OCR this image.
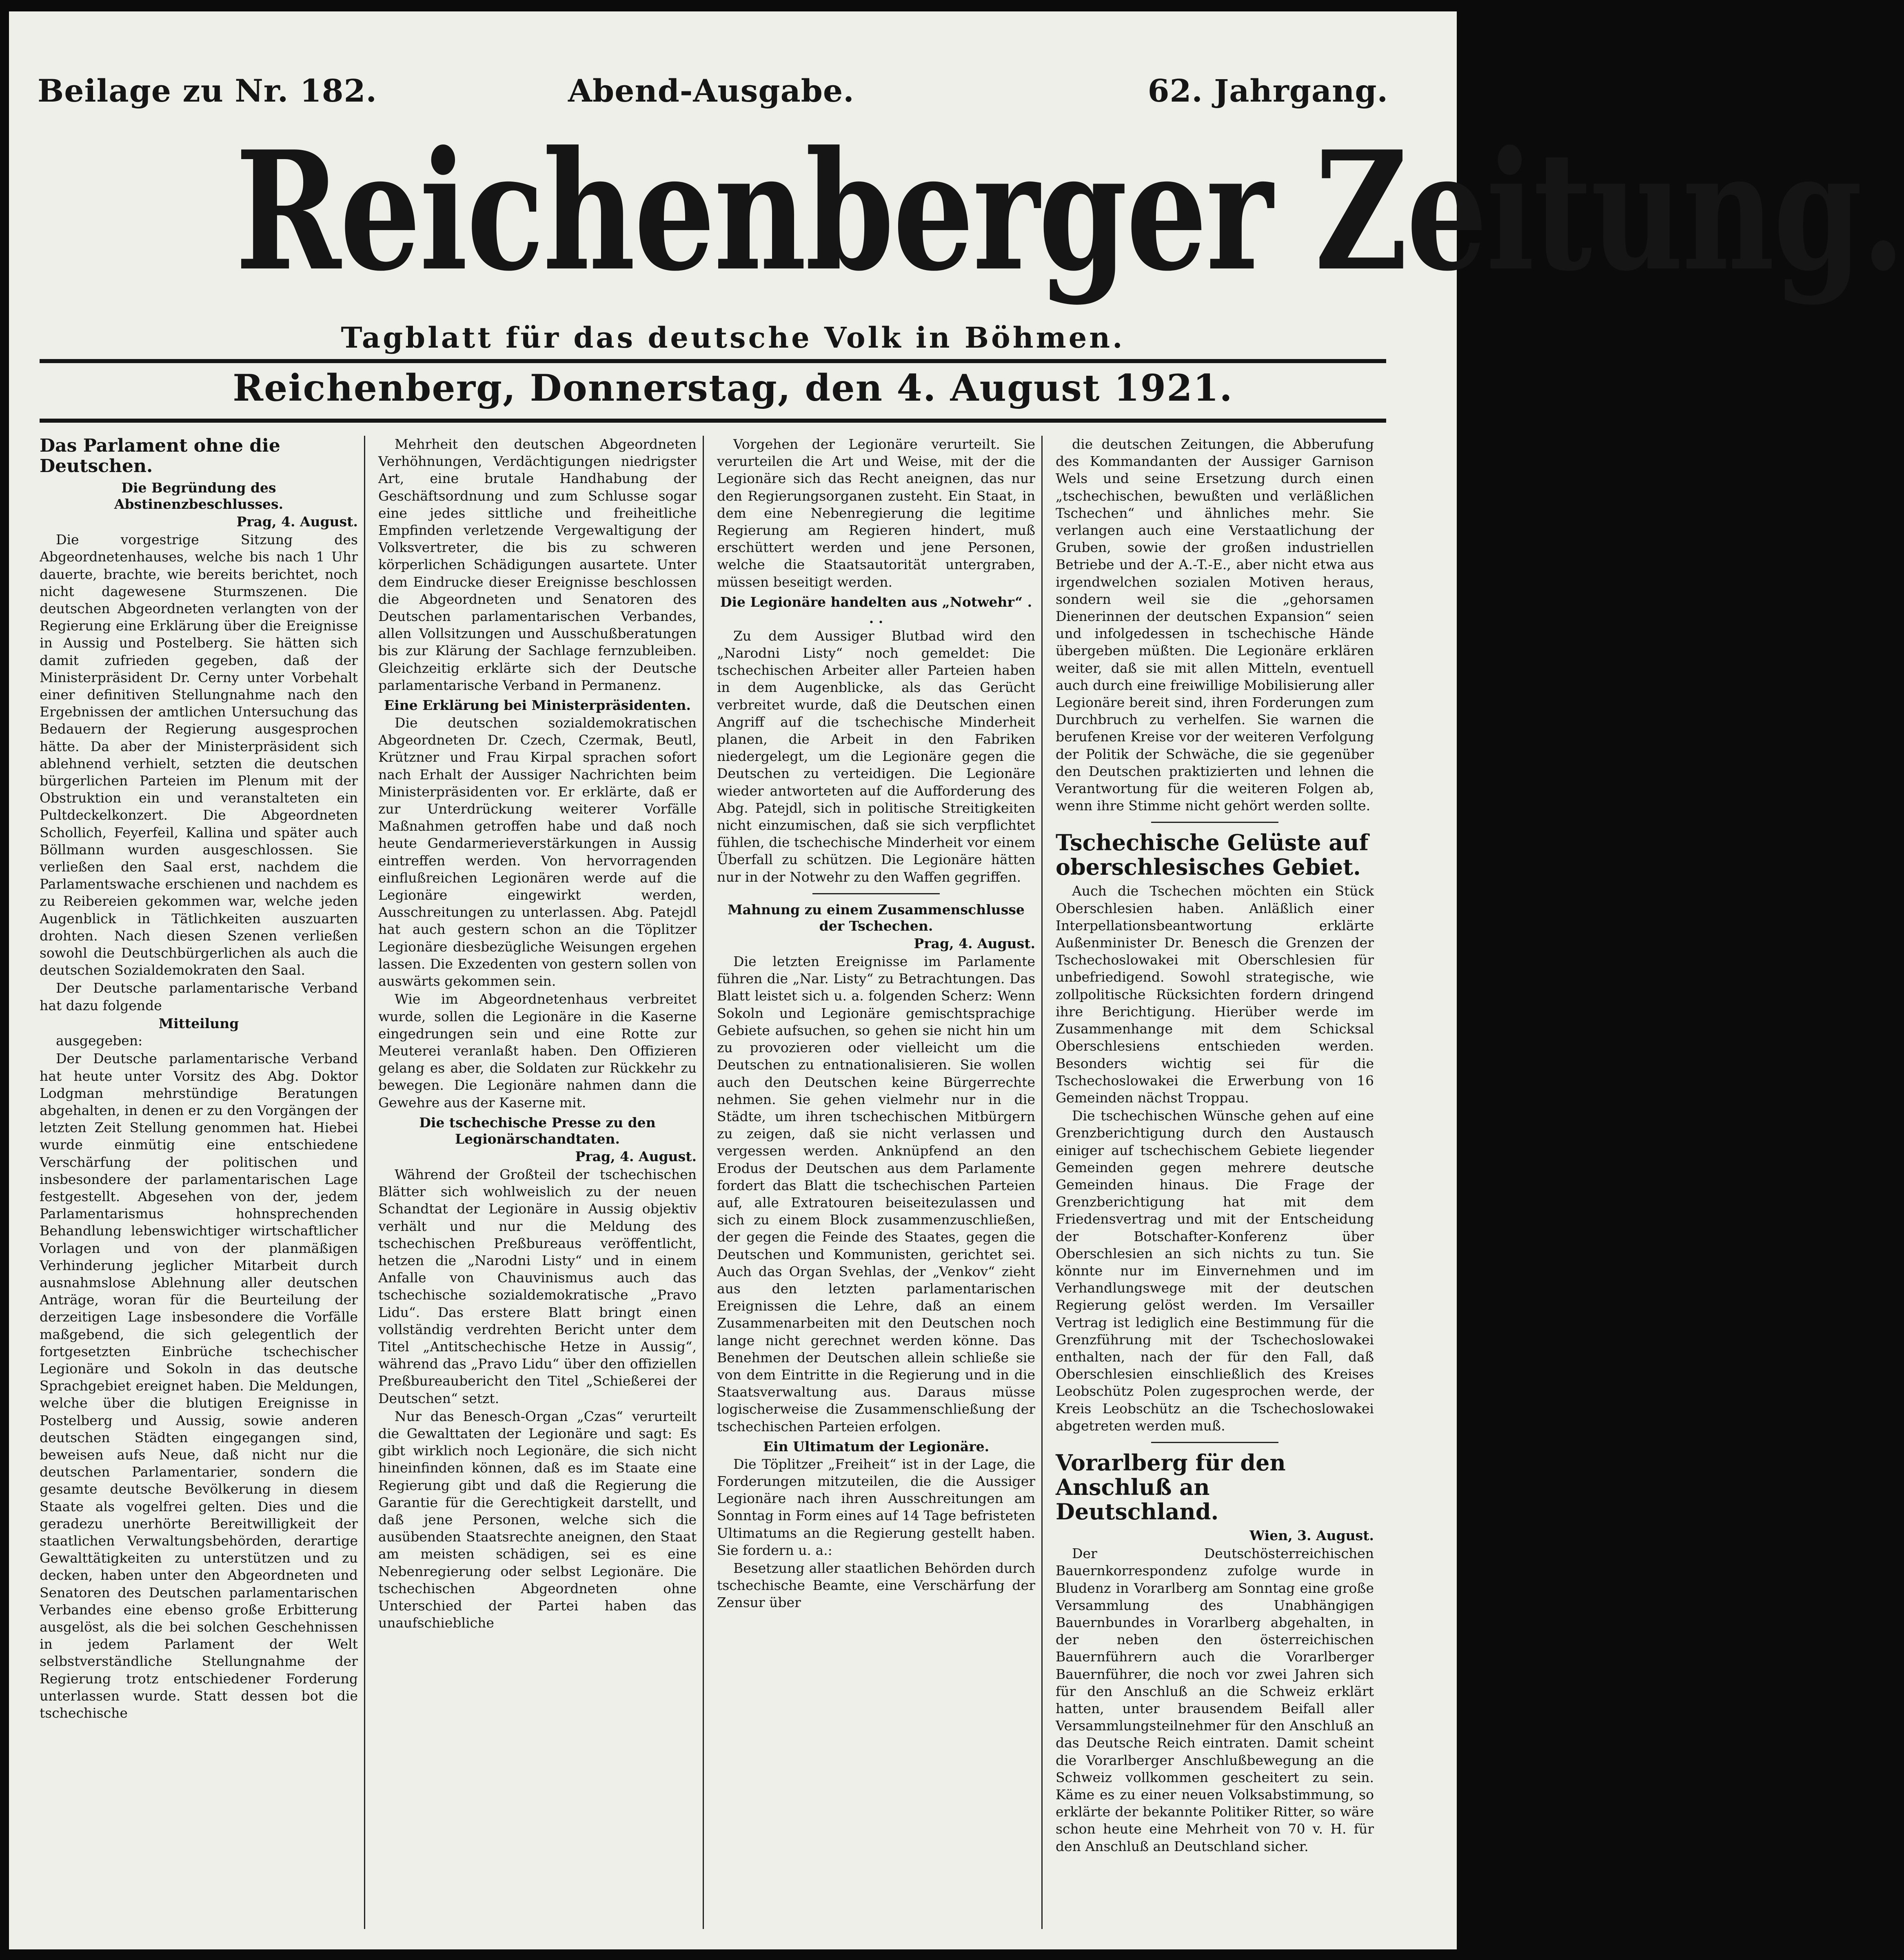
Beilage zu Nr. 182.	Abend-Ausgabe.	62. Jahrgang.
Reichenberger Zeitung.
Tagblatt für das deutsche Volk in Böhmen.
Reichenberg, Donnerstag, den 4. August 1921.
Das Parlament ohne die Deutschen.
Die Begründung des Abstinenzbeschlusses.

Prag, 4. August.

Die vorgestrige Sitzung des Abgeordnetenhauses, welche bis nach 1 Uhr dauerte, brachte, wie bereits berichtet, noch nicht dagewesene Sturmszenen. Die deutschen Abgeordneten verlangten von der Regierung eine Erklärung über die Ereignisse in Aussig und Postelberg. Sie hätten sich damit zufrieden gegeben, daß der Ministerpräsident Dr. Cerny unter Vorbehalt einer definitiven Stellungnahme nach den Ergebnissen der amtlichen Untersuchung das Bedauern der Regierung ausgesprochen hätte. Da aber der Ministerpräsident sich ablehnend verhielt, setzten die deutschen bürgerlichen Parteien im Plenum mit der Obstruktion ein und veranstalteten ein Pultdeckelkonzert. Die Abgeordneten Schollich, Feyerfeil, Kallina und später auch Böllmann wurden ausgeschlossen. Sie verließen den Saal erst, nachdem die Parlamentswache erschienen und nachdem es zu Reibereien gekommen war, welche jeden Augenblick in Tätlichkeiten auszuarten drohten. Nach diesen Szenen verließen sowohl die Deutschbürgerlichen als auch die deutschen Sozialdemokraten den Saal.

Der Deutsche parlamentarische Verband hat dazu folgende

Mitteilung

ausgegeben:

Der Deutsche parlamentarische Verband hat heute unter Vorsitz des Abg. Doktor Lodgman mehrstündige Beratungen abgehalten, in denen er zu den Vorgängen der letzten Zeit Stellung genommen hat. Hiebei wurde einmütig eine entschiedene Verschärfung der politischen und insbesondere der parlamentarischen Lage festgestellt. Abgesehen von der, jedem Parlamentarismus hohnsprechenden Behandlung lebenswichtiger wirtschaftlicher Vorlagen und von der planmäßigen Verhinderung jeglicher Mitarbeit durch ausnahmslose Ablehnung aller deutschen Anträge, woran für die Beurteilung der derzeitigen Lage insbesondere die Vorfälle maßgebend, die sich gelegentlich der fortgesetzten Einbrüche tschechischer Legionäre und Sokoln in das deutsche Sprachgebiet ereignet haben. Die Meldungen, welche über die blutigen Ereignisse in Postelberg und Aussig, sowie anderen deutschen Städten eingegangen sind, beweisen aufs Neue, daß nicht nur die deutschen Parlamentarier, sondern die gesamte deutsche Bevölkerung in diesem Staate als vogelfrei gelten. Dies und die geradezu unerhörte Bereitwilligkeit der staatlichen Verwaltungsbehörden, derartige Gewalttätigkeiten zu unterstützen und zu decken, haben unter den Abgeordneten und Senatoren des Deutschen parlamentarischen Verbandes eine ebenso große Erbitterung ausgelöst, als die bei solchen Geschehnissen in jedem Parlament der Welt selbstverständliche Stellungnahme der Regierung trotz entschiedener Forderung unterlassen wurde. Statt dessen bot die tschechische

Mehrheit den deutschen Abgeordneten Verhöhnungen, Verdächtigungen niedrigster Art, eine brutale Handhabung der Geschäftsordnung und zum Schlusse sogar eine jedes sittliche und freiheitliche Empfinden verletzende Vergewaltigung der Volksvertreter, die bis zu schweren körperlichen Schädigungen ausartete. Unter dem Eindrucke dieser Ereignisse beschlossen die Abgeordneten und Senatoren des Deutschen parlamentarischen Verbandes, allen Vollsitzungen und Ausschußberatungen bis zur Klärung der Sachlage fernzubleiben. Gleichzeitig erklärte sich der Deutsche parlamentarische Verband in Permanenz.

Eine Erklärung bei Ministerpräsidenten.

Die deutschen sozialdemokratischen Abgeordneten Dr. Czech, Czermak, Beutl, Krützner und Frau Kirpal sprachen sofort nach Erhalt der Aussiger Nachrichten beim Ministerpräsidenten vor. Er erklärte, daß er zur Unterdrückung weiterer Vorfälle Maßnahmen getroffen habe und daß noch heute Gendarmerieverstärkungen in Aussig eintreffen werden. Von hervorragenden einflußreichen Legionären werde auf die Legionäre eingewirkt werden, Ausschreitungen zu unterlassen. Abg. Patejdl hat auch gestern schon an die Töplitzer Legionäre diesbezügliche Weisungen ergehen lassen. Die Exzedenten von gestern sollen von auswärts gekommen sein.

Wie im Abgeordnetenhaus verbreitet wurde, sollen die Legionäre in die Kaserne eingedrungen sein und eine Rotte zur Meuterei veranlaßt haben. Den Offizieren gelang es aber, die Soldaten zur Rückkehr zu bewegen. Die Legionäre nahmen dann die Gewehre aus der Kaserne mit.

Die tschechische Presse zu den Legionärschandtaten.

Prag, 4. August.

Während der Großteil der tschechischen Blätter sich wohlweislich zu der neuen Schandtat der Legionäre in Aussig objektiv verhält und nur die Meldung des tschechischen Preßbureaus veröffentlicht, hetzen die „Narodni Listy“ und in einem Anfalle von Chauvinismus auch das tschechische sozialdemokratische „Pravo Lidu“. Das erstere Blatt bringt einen vollständig verdrehten Bericht unter dem Titel „Antitschechische Hetze in Aussig“, während das „Pravo Lidu“ über den offiziellen Preßbureaubericht den Titel „Schießerei der Deutschen“ setzt.

Nur das Benesch-Organ „Czas“ verurteilt die Gewalttaten der Legionäre und sagt: Es gibt wirklich noch Legionäre, die sich nicht hineinfinden können, daß es im Staate eine Regierung gibt und daß die Regierung die Garantie für die Gerechtigkeit darstellt, und daß jene Personen, welche sich die ausübenden Staatsrechte aneignen, den Staat am meisten schädigen, sei es eine Nebenregierung oder selbst Legionäre. Die tschechischen Abgeordneten ohne Unterschied der Partei haben das unaufschiebliche

Vorgehen der Legionäre verurteilt. Sie verurteilen die Art und Weise, mit der die Legionäre sich das Recht aneignen, das nur den Regierungsorganen zusteht. Ein Staat, in dem eine Nebenregierung die legitime Regierung am Regieren hindert, muß erschüttert werden und jene Personen, welche die Staatsautorität untergraben, müssen beseitigt werden.

Die Legionäre handelten aus „Notwehr“ . . .

Zu dem Aussiger Blutbad wird den „Narodni Listy“ noch gemeldet: Die tschechischen Arbeiter aller Parteien haben in dem Augenblicke, als das Gerücht verbreitet wurde, daß die Deutschen einen Angriff auf die tschechische Minderheit planen, die Arbeit in den Fabriken niedergelegt, um die Legionäre gegen die Deutschen zu verteidigen. Die Legionäre wieder antworteten auf die Aufforderung des Abg. Patejdl, sich in politische Streitigkeiten nicht einzumischen, daß sie sich verpflichtet fühlen, die tschechische Minderheit vor einem Überfall zu schützen. Die Legionäre hätten nur in der Notwehr zu den Waffen gegriffen.

Mahnung zu einem Zusammenschlusse der Tschechen.

Prag, 4. August.

Die letzten Ereignisse im Parlamente führen die „Nar. Listy“ zu Betrachtungen. Das Blatt leistet sich u. a. folgenden Scherz: Wenn Sokoln und Legionäre gemischtsprachige Gebiete aufsuchen, so gehen sie nicht hin um zu provozieren oder vielleicht um die Deutschen zu entnationalisieren. Sie wollen auch den Deutschen keine Bürgerrechte nehmen. Sie gehen vielmehr nur in die Städte, um ihren tschechischen Mitbürgern zu zeigen, daß sie nicht verlassen und vergessen werden. Anknüpfend an den Erodus der Deutschen aus dem Parlamente fordert das Blatt die tschechischen Parteien auf, alle Extratouren beiseitezulassen und sich zu einem Block zusammenzuschließen, der gegen die Feinde des Staates, gegen die Deutschen und Kommunisten, gerichtet sei. Auch das Organ Svehlas, der „Venkov“ zieht aus den letzten parlamentarischen Ereignissen die Lehre, daß an einem Zusammenarbeiten mit den Deutschen noch lange nicht gerechnet werden könne. Das Benehmen der Deutschen allein schließe sie von dem Eintritte in die Regierung und in die Staatsverwaltung aus. Daraus müsse logischerweise die Zusammenschließung der tschechischen Parteien erfolgen.

Ein Ultimatum der Legionäre.

Die Töplitzer „Freiheit“ ist in der Lage, die Forderungen mitzuteilen, die die Aussiger Legionäre nach ihren Ausschreitungen am Sonntag in Form eines auf 14 Tage befristeten Ultimatums an die Regierung gestellt haben. Sie fordern u. a.:

Besetzung aller staatlichen Behörden durch tschechische Beamte, eine Verschärfung der Zensur über

die deutschen Zeitungen, die Abberufung des Kommandanten der Aussiger Garnison Wels und seine Ersetzung durch einen „tschechischen, bewußten und verläßlichen Tschechen“ und ähnliches mehr. Sie verlangen auch eine Verstaatlichung der Gruben, sowie der großen industriellen Betriebe und der A.-T.-E., aber nicht etwa aus irgendwelchen sozialen Motiven heraus, sondern weil sie die „gehorsamen Dienerinnen der deutschen Expansion“ seien und infolgedessen in tschechische Hände übergeben müßten. Die Legionäre erklären weiter, daß sie mit allen Mitteln, eventuell auch durch eine freiwillige Mobilisierung aller Legionäre bereit sind, ihren Forderungen zum Durchbruch zu verhelfen. Sie warnen die berufenen Kreise vor der weiteren Verfolgung der Politik der Schwäche, die sie gegenüber den Deutschen praktizierten und lehnen die Verantwortung für die weiteren Folgen ab, wenn ihre Stimme nicht gehört werden sollte.

Tschechische Gelüste auf oberschlesisches Gebiet.

Auch die Tschechen möchten ein Stück Oberschlesien haben. Anläßlich einer Interpellationsbeantwortung erklärte Außenminister Dr. Benesch die Grenzen der Tschechoslowakei mit Oberschlesien für unbefriedigend. Sowohl strategische, wie zollpolitische Rücksichten fordern dringend ihre Berichtigung. Hierüber werde im Zusammenhange mit dem Schicksal Oberschlesiens entschieden werden. Besonders wichtig sei für die Tschechoslowakei die Erwerbung von 16 Gemeinden nächst Troppau.

Die tschechischen Wünsche gehen auf eine Grenzberichtigung durch den Austausch einiger auf tschechischem Gebiete liegender Gemeinden gegen mehrere deutsche Gemeinden hinaus. Die Frage der Grenzberichtigung hat mit dem Friedensvertrag und mit der Entscheidung der Botschafter-Konferenz über Oberschlesien an sich nichts zu tun. Sie könnte nur im Einvernehmen und im Verhandlungswege mit der deutschen Regierung gelöst werden. Im Versailler Vertrag ist lediglich eine Bestimmung für die Grenzführung mit der Tschechoslowakei enthalten, nach der für den Fall, daß Oberschlesien einschließlich des Kreises Leobschütz Polen zugesprochen werde, der Kreis Leobschütz an die Tschechoslowakei abgetreten werden muß.

Vorarlberg für den Anschluß an Deutschland.

Wien, 3. August.

Der Deutschösterreichischen Bauernkorrespondenz zufolge wurde in Bludenz in Vorarlberg am Sonntag eine große Versammlung des Unabhängigen Bauernbundes in Vorarlberg abgehalten, in der neben den österreichischen Bauernführern auch die Vorarlberger Bauernführer, die noch vor zwei Jahren sich für den Anschluß an die Schweiz erklärt hatten, unter brausendem Beifall aller Versammlungsteilnehmer für den Anschluß an das Deutsche Reich eintraten. Damit scheint die Vorarlberger Anschlußbewegung an die Schweiz vollkommen gescheitert zu sein. Käme es zu einer neuen Volksabstimmung, so erklärte der bekannte Politiker Ritter, so wäre schon heute eine Mehrheit von 70 v. H. für den Anschluß an Deutschland sicher.
